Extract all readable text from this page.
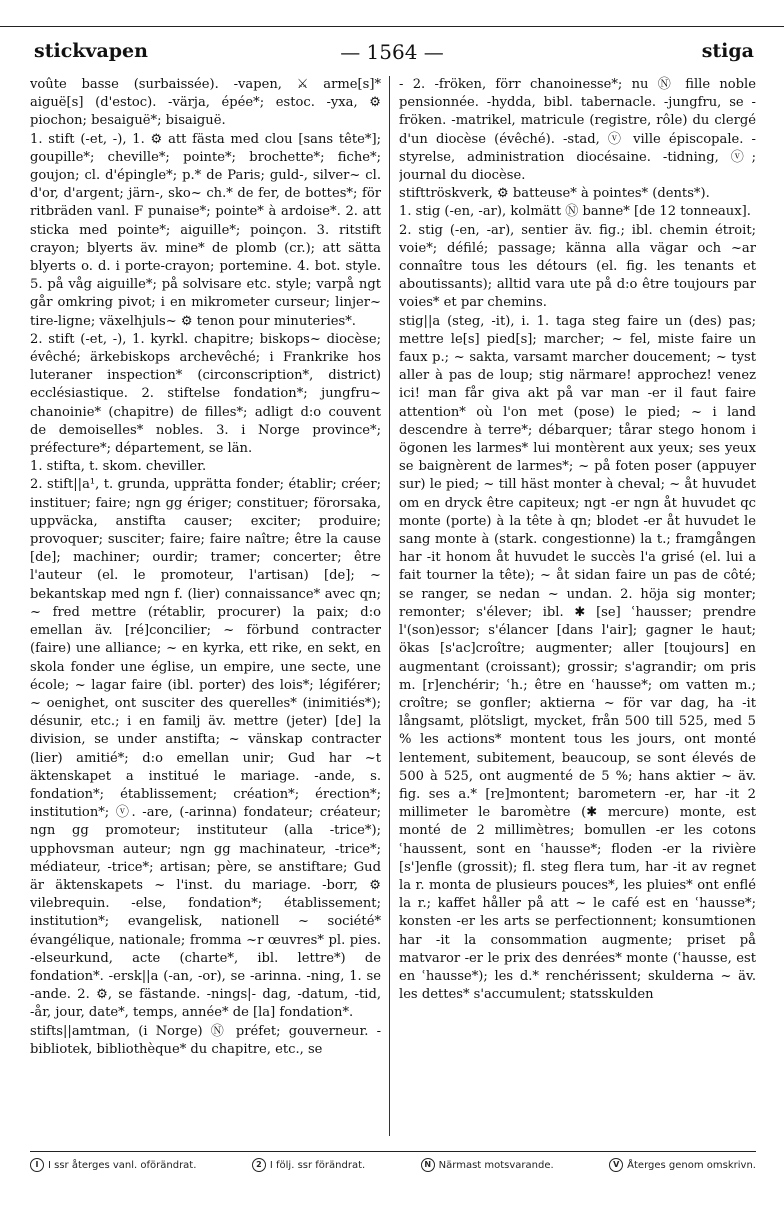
stickvapen	— 1564 —	stiga

voûte basse (surbaissée). -vapen, ⚔ arme[s]* aiguë[s] (d'estoc). -värja, épée*; estoc. -yxa, ⚙ piochon; besaiguë*; bisaiguë.

1. stift (-et, -), 1. ⚙ att fästa med clou [sans tête*]; goupille*; cheville*; pointe*; brochette*; fiche*; goujon; cl. d'épingle*; p.* de Paris; guld-, silver~ cl. d'or, d'argent; järn-, sko~ ch.* de fer, de bottes*; för ritbräden vanl. F punaise*; pointe* à ardoise*. 2. att sticka med pointe*; aiguille*; poinçon. 3. ritstift crayon; blyerts äv. mine* de plomb (cr.); att sätta blyerts o. d. i porte-crayon; portemine. 4. bot. style. 5. på våg aiguille*; på solvisare etc. style; varpå ngt går omkring pivot; i en mikrometer curseur; linjer~ tire-ligne; växelhjuls~ ⚙ tenon pour minuteries*.

2. stift (-et, -), 1. kyrkl. chapitre; biskops~ diocèse; évêché; ärkebiskops archevêché; i Frankrike hos luteraner inspection* (circonscription*, district) ecclésiastique. 2. stiftelse fondation*; jungfru~ chanoinie* (chapitre) de filles*; adligt d:o couvent de demoiselles* nobles. 3. i Norge province*; préfecture*; département, se län.

1. stifta, t. skom. cheviller.

2. stift||a¹, t. grunda, upprätta fonder; établir; créer; instituer; faire; ngn gg ériger; constituer; förorsaka, uppväcka, anstifta causer; exciter; produire; provoquer; susciter; faire; faire naître; être la cause [de]; machiner; ourdir; tramer; concerter; être l'auteur (el. le promoteur, l'artisan) [de]; ~ bekantskap med ngn f. (lier) connaissance* avec qn; ~ fred mettre (rétablir, procurer) la paix; d:o emellan äv. [ré]concilier; ~ förbund contracter (faire) une alliance; ~ en kyrka, ett rike, en sekt, en skola fonder une église, un empire, une secte, une école; ~ lagar faire (ibl. porter) des lois*; légiférer; ~ oenighet, ont susciter des querelles* (inimitiés*); désunir, etc.; i en familj äv. mettre (jeter) [de] la division, se under anstifta; ~ vänskap contracter (lier) amitié*; d:o emellan unir; Gud har ~t äktenskapet a institué le mariage. -ande, s. fondation*; établissement; création*; érection*; institution*; ⓥ. -are, (-arinna) fondateur; créateur; ngn gg promoteur; instituteur (alla -trice*); upphovsman auteur; ngn gg machinateur, -trice*; médiateur, -trice*; artisan; père, se anstiftare; Gud är äktenskapets ~ l'inst. du mariage. -borr, ⚙ vilebrequin. -else, fondation*; établissement; institution*; evangelisk, nationell ~ société* évangélique, nationale; fromma ~r œuvres* pl. pies. -elseurkund, acte (charte*, ibl. lettre*) de fondation*. -ersk||a (-an, -or), se -arinna. -ning, 1. se -ande. 2. ⚙, se fästande. -nings|- dag, -datum, -tid, -år, jour, date*, temps, année* de [la] fondation*.

stifts||amtman, (i Norge) Ⓝ préfet; gouverneur. -bibliotek, bibliothèque* du chapitre, etc., se

- 2. -fröken, förr chanoinesse*; nu Ⓝ fille noble pensionnée. -hydda, bibl. tabernacle. -jungfru, se -fröken. -matrikel, matricule (registre, rôle) du clergé d'un diocèse (évêché). -stad, ⓥ ville épiscopale. -styrelse, administration diocésaine. -tidning, ⓥ; journal du diocèse.

stifttröskverk, ⚙ batteuse* à pointes* (dents*).

1. stig (-en, -ar), kolmätt Ⓝ banne* [de 12 tonneaux].

2. stig (-en, -ar), sentier äv. fig.; ibl. chemin étroit; voie*; défilé; passage; känna alla vägar och ~ar connaître tous les détours (el. fig. les tenants et aboutissants); alltid vara ute på d:o être toujours par voies* et par chemins.

stig||a (steg, -it), i. 1. taga steg faire un (des) pas; mettre le[s] pied[s]; marcher; ~ fel, miste faire un faux p.; ~ sakta, varsamt marcher doucement; ~ tyst aller à pas de loup; stig närmare! approchez! venez ici! man får giva akt på var man -er il faut faire attention* où l'on met (pose) le pied; ~ i land descendre à terre*; débarquer; tårar stego honom i ögonen les larmes* lui montèrent aux yeux; ses yeux se baignèrent de larmes*; ~ på foten poser (appuyer sur) le pied; ~ till häst monter à cheval; ~ åt huvudet om en dryck être capiteux; ngt -er ngn åt huvudet qc monte (porte) à la tête à qn; blodet -er åt huvudet le sang monte à (stark. congestionne) la t.; framgången har -it honom åt huvudet le succès l'a grisé (el. lui a fait tourner la tête); ~ åt sidan faire un pas de côté; se ranger, se nedan ~ undan. 2. höja sig monter; remonter; s'élever; ibl. ✱ [se] ʿhausser; prendre l'(son)essor; s'élancer [dans l'air]; gagner le haut; ökas [s'ac]croître; augmenter; aller [toujours] en augmentant (croissant); grossir; s'agrandir; om pris m. [r]enchérir; ʿh.; être en ʿhausse*; om vatten m.; croître; se gonfler; aktierna ~ för var dag, ha -it långsamt, plötsligt, mycket, från 500 till 525, med 5 % les actions* montent tous les jours, ont monté lentement, subitement, beaucoup, se sont élevés de 500 à 525, ont augmenté de 5 %; hans aktier ~ äv. fig. ses a.* [re]montent; barometern -er, har -it 2 millimeter le baromètre (✱ mercure) monte, est monté de 2 millimètres; bomullen -er les cotons ʿhaussent, sont en ʿhausse*; floden -er la rivière [s']enfle (grossit); fl. steg flera tum, har -it av regnet la r. monta de plusieurs pouces*, les pluies* ont enflé la r.; kaffet håller på att ~ le café est en ʿhausse*; konsten -er les arts se perfectionnent; konsumtionen har -it la consommation augmente; priset på matvaror -er le prix des denrées* monte (ʿhausse, est en ʿhausse*); les d.* renchérissent; skulderna ~ äv. les dettes* s'accumulent; statsskulden

I I ssr återges vanl. oförändrat.	2 I följ. ssr förändrat.	N Närmast motsvarande.	V Återges genom omskrivn.
